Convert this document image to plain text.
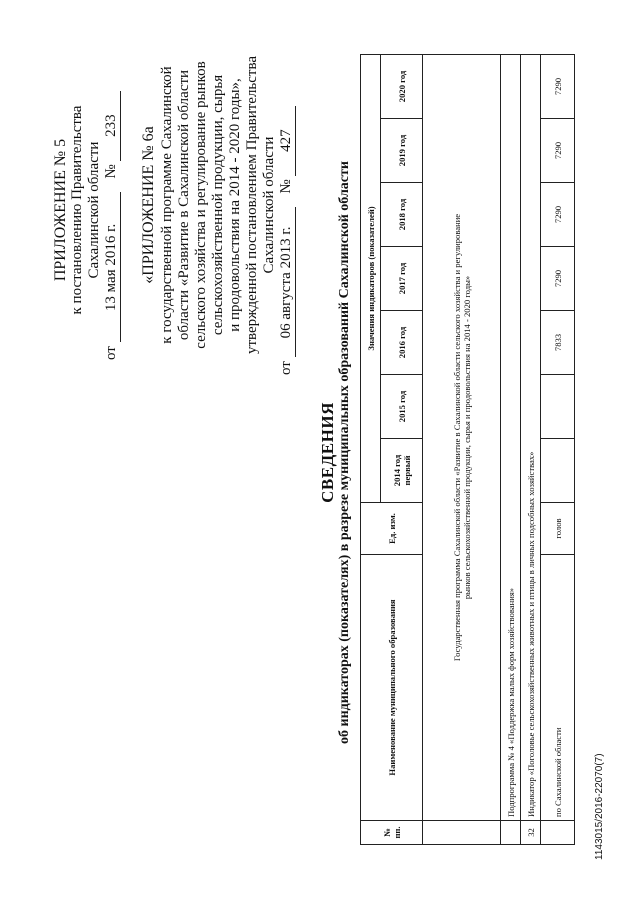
ПРИЛОЖЕНИЕ № 5 к постановлению Правительства Сахалинской области
от 13 мая 2016 г. № 233
«ПРИЛОЖЕНИЕ № 6а к государственной программе Сахалинской области «Развитие в Сахалинской области сельского хозяйства и регулирование рынков сельскохозяйственной продукции, сырья и продовольствия на 2014 - 2020 годы», утвержденной постановлением Правительства Сахалинской области
от 06 августа 2013 г. № 427
СВЕДЕНИЯ об индикаторах (показателях) в разрезе муниципальных образований Сахалинской области
№ пп.	Наименование муниципального образования	Ед. изм.	Значения индикаторов (показателей)						
			2014 год первый	2015 год	2016 год	2017 год	2018 год	2019 год	2020 год
	Государственная программа Сахалинской области «Развитие в Сахалинской области сельского хозяйства и регулирование рынков сельскохозяйственной продукции, сырья и продовольствия на 2014 - 2020 годы»								
	Подпрограмма № 4 «Поддержка малых форм хозяйствования»								
32	Индикатор «Поголовье сельскохозяйственных животных и птицы в личных подсобных хозяйствах»								
	по Сахалинской области	голов			7833	7290	7290	7290	7290
1143015/2016-22070(7)
